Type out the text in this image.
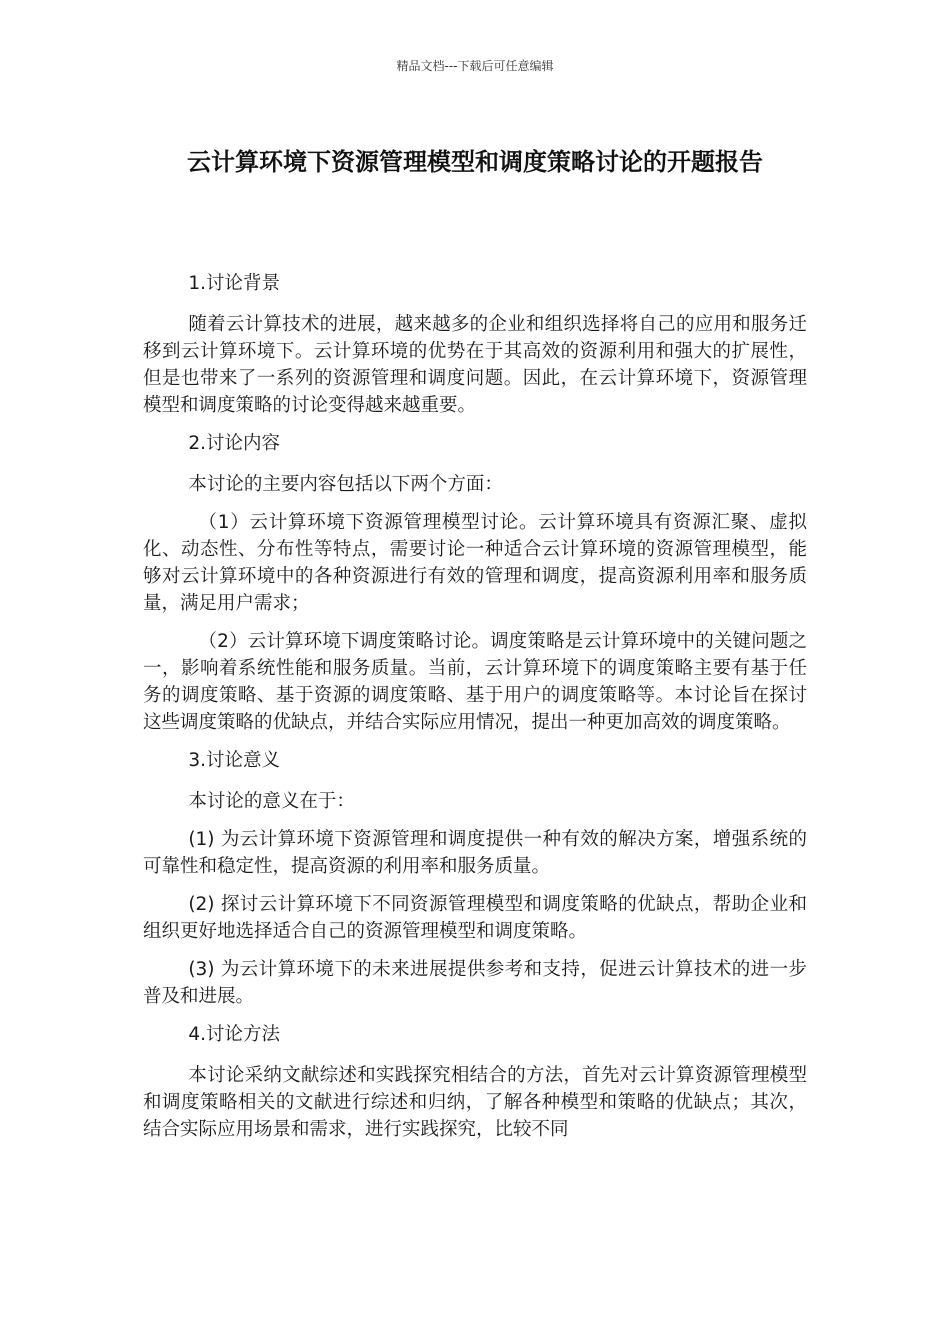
精品文档---下载后可任意编辑
云计算环境下资源管理模型和调度策略讨论的开题报告

1.讨论背景

随着云计算技术的进展，越来越多的企业和组织选择将自己的应用和服务迁移到云计算环境下。云计算环境的优势在于其高效的资源利用和强大的扩展性，但是也带来了一系列的资源管理和调度问题。因此，在云计算环境下，资源管理模型和调度策略的讨论变得越来越重要。

2.讨论内容

本讨论的主要内容包括以下两个方面：

（1）云计算环境下资源管理模型讨论。云计算环境具有资源汇聚、虚拟化、动态性、分布性等特点，需要讨论一种适合云计算环境的资源管理模型，能够对云计算环境中的各种资源进行有效的管理和调度，提高资源利用率和服务质量，满足用户需求；

（2）云计算环境下调度策略讨论。调度策略是云计算环境中的关键问题之一，影响着系统性能和服务质量。当前，云计算环境下的调度策略主要有基于任务的调度策略、基于资源的调度策略、基于用户的调度策略等。本讨论旨在探讨这些调度策略的优缺点，并结合实际应用情况，提出一种更加高效的调度策略。

3.讨论意义

本讨论的意义在于：

(1) 为云计算环境下资源管理和调度提供一种有效的解决方案，增强系统的可靠性和稳定性，提高资源的利用率和服务质量。

(2) 探讨云计算环境下不同资源管理模型和调度策略的优缺点，帮助企业和组织更好地选择适合自己的资源管理模型和调度策略。

(3) 为云计算环境下的未来进展提供参考和支持，促进云计算技术的进一步普及和进展。

4.讨论方法

本讨论采纳文献综述和实践探究相结合的方法，首先对云计算资源管理模型和调度策略相关的文献进行综述和归纳，了解各种模型和策略的优缺点；其次，结合实际应用场景和需求，进行实践探究，比较不同
